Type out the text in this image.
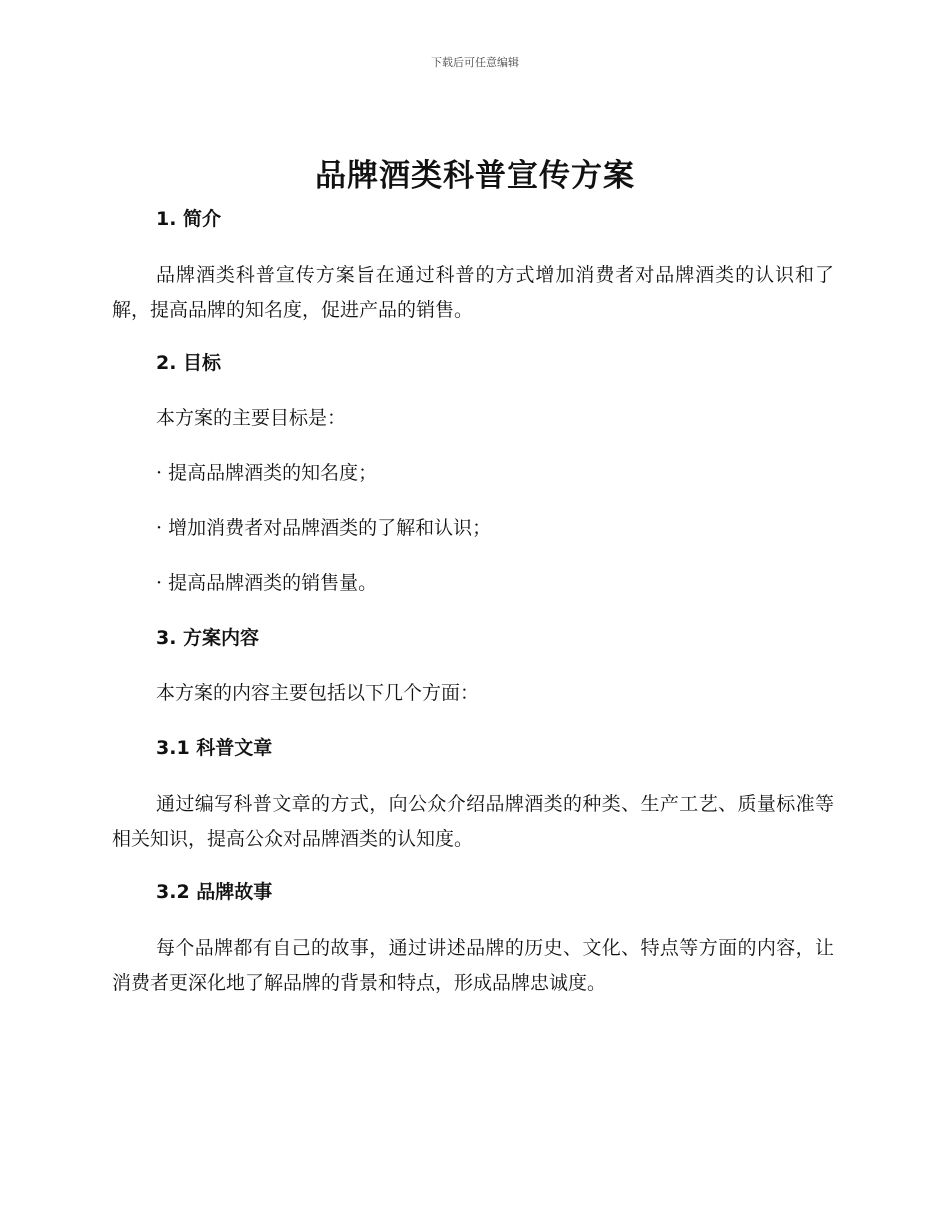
下载后可任意编辑
品牌酒类科普宣传方案
1. 简介

品牌酒类科普宣传方案旨在通过科普的方式增加消费者对品牌酒类的认识和了解，提高品牌的知名度，促进产品的销售。

2. 目标
本方案的主要目标是：
· 提高品牌酒类的知名度；
· 增加消费者对品牌酒类的了解和认识；
· 提高品牌酒类的销售量。
3. 方案内容
本方案的内容主要包括以下几个方面：
3.1 科普文章

通过编写科普文章的方式，向公众介绍品牌酒类的种类、生产工艺、质量标准等相关知识，提高公众对品牌酒类的认知度。

3.2 品牌故事

每个品牌都有自己的故事，通过讲述品牌的历史、文化、特点等方面的内容，让消费者更深化地了解品牌的背景和特点，形成品牌忠诚度。
